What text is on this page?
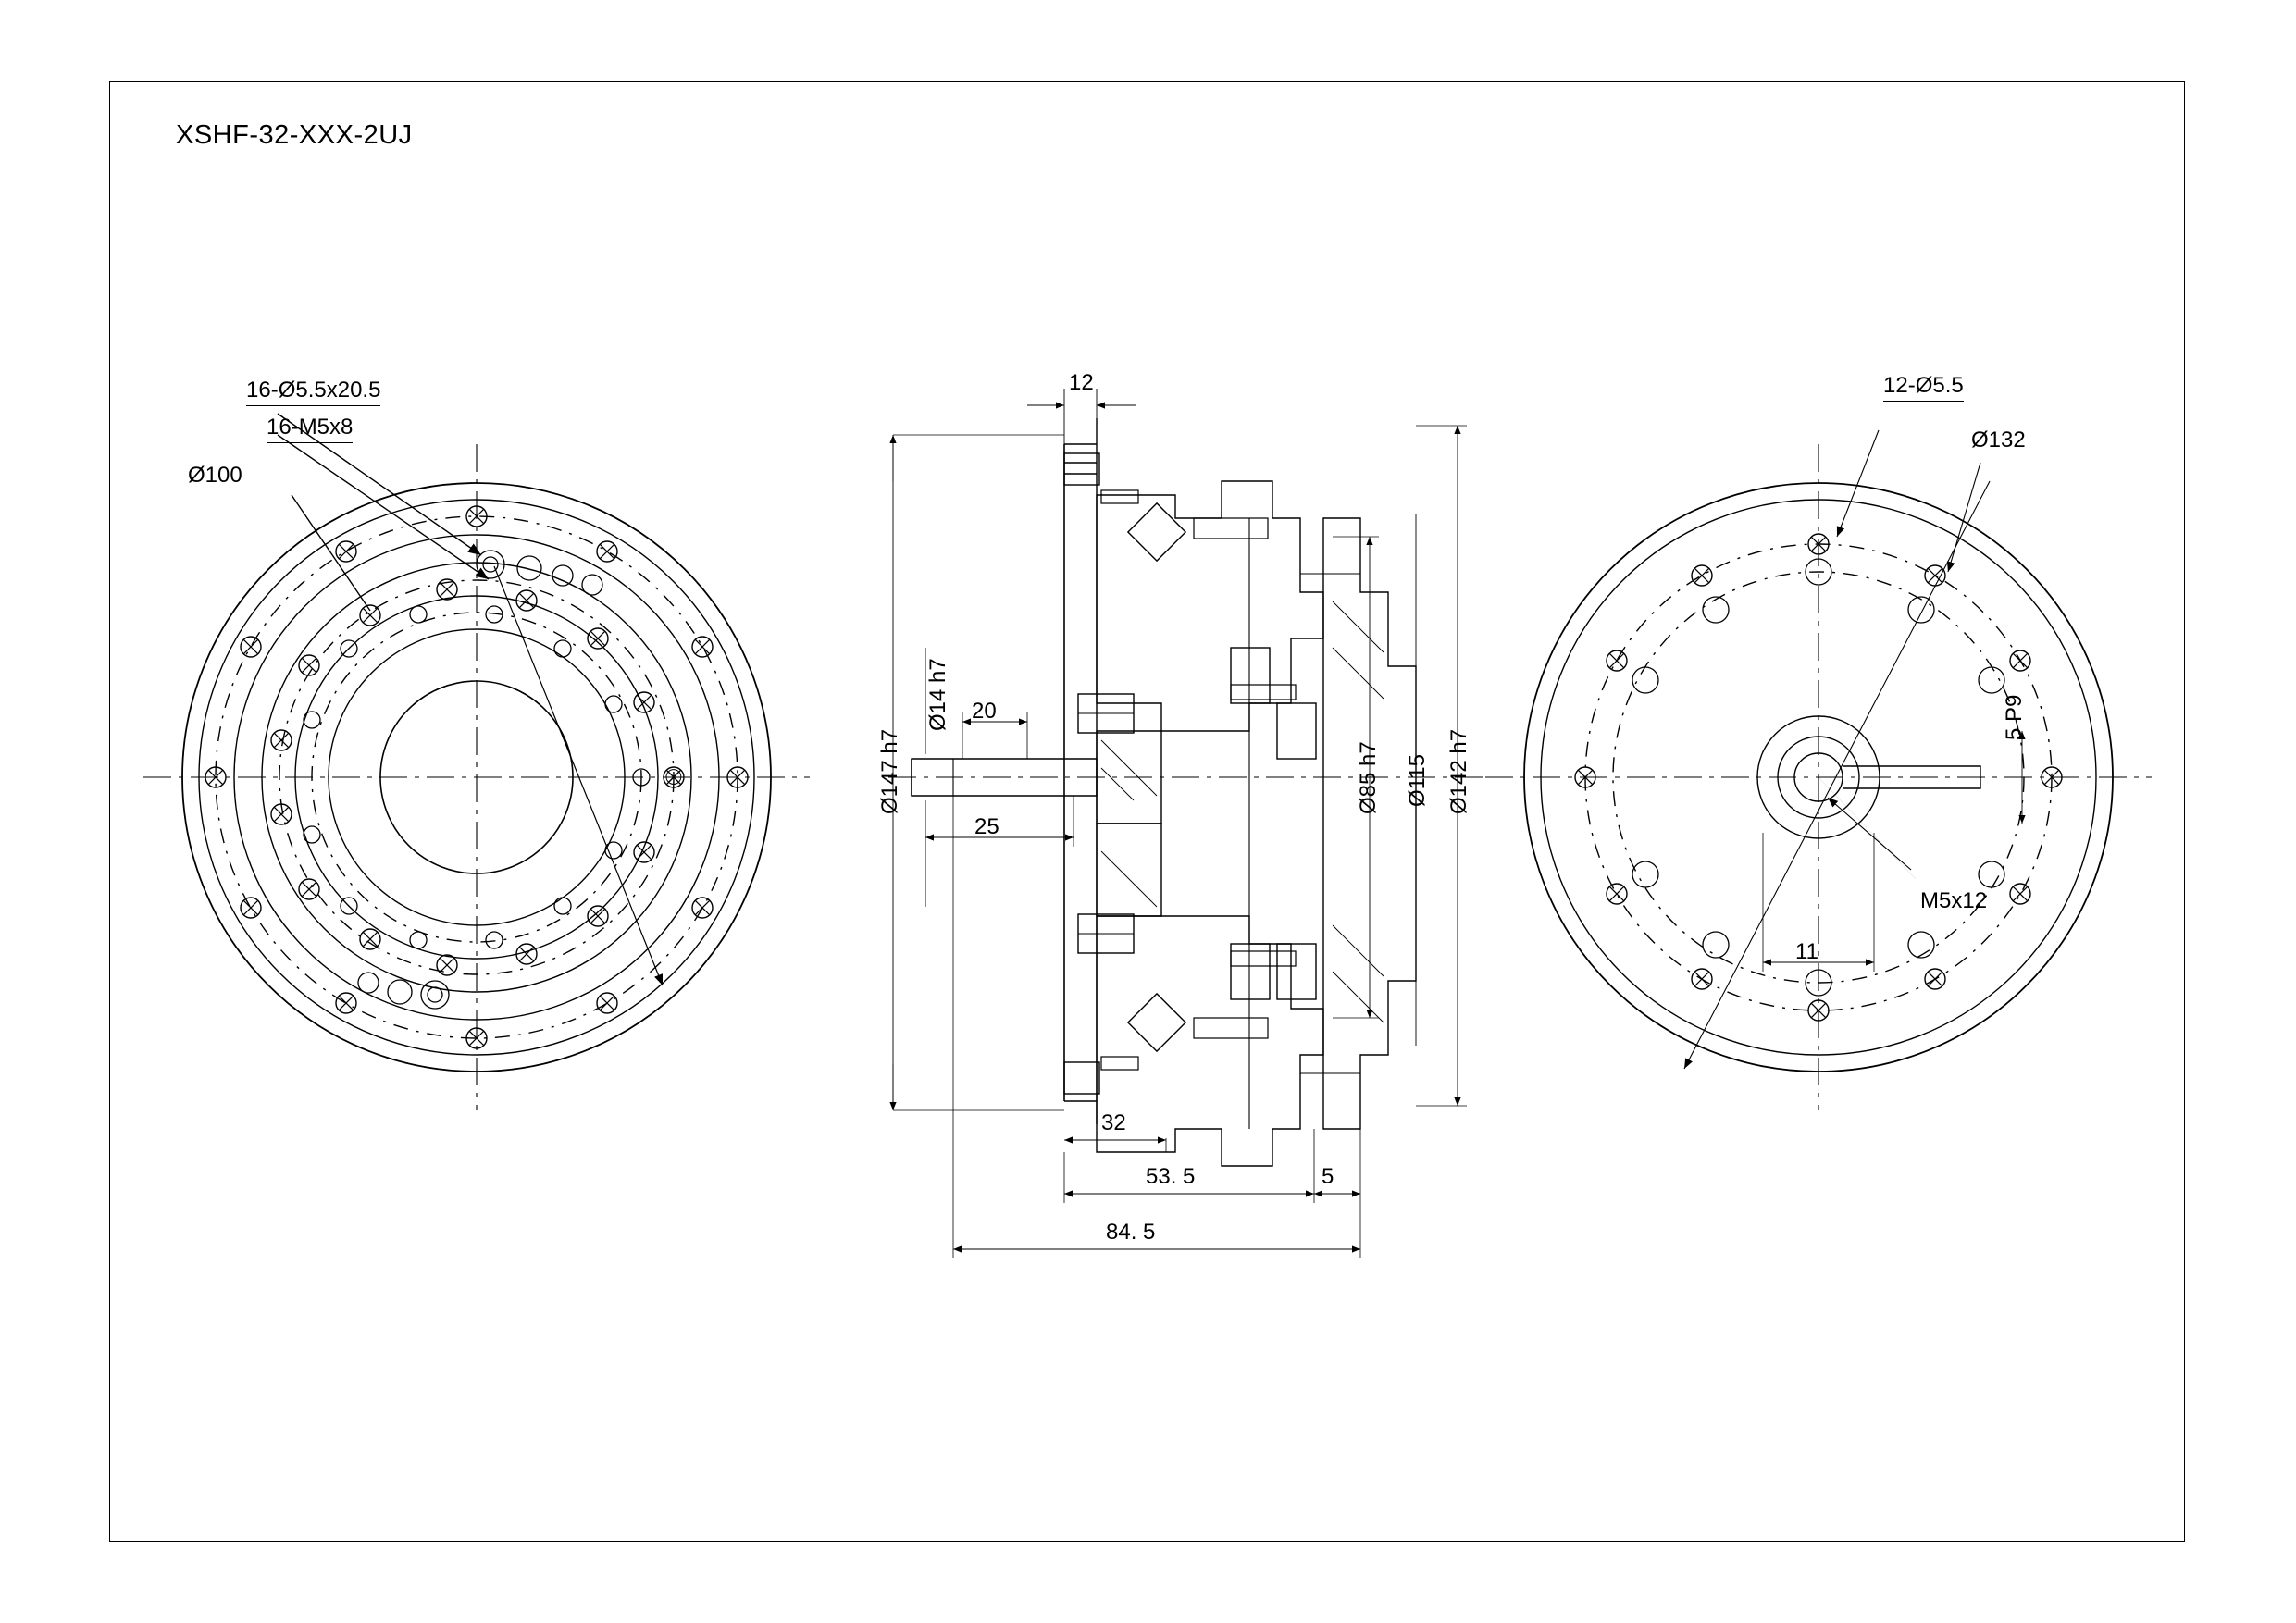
XSHF-32-XXX-2UJ
16-Ø5.5x20.5
16-M5x8
Ø100
12
Ø147 h7
Ø14 h7 20
25
Ø85 h7 Ø115 Ø142 h7
32
53. 5	5
84. 5
12-Ø5.5
Ø132
5 P9
M5x12
11
